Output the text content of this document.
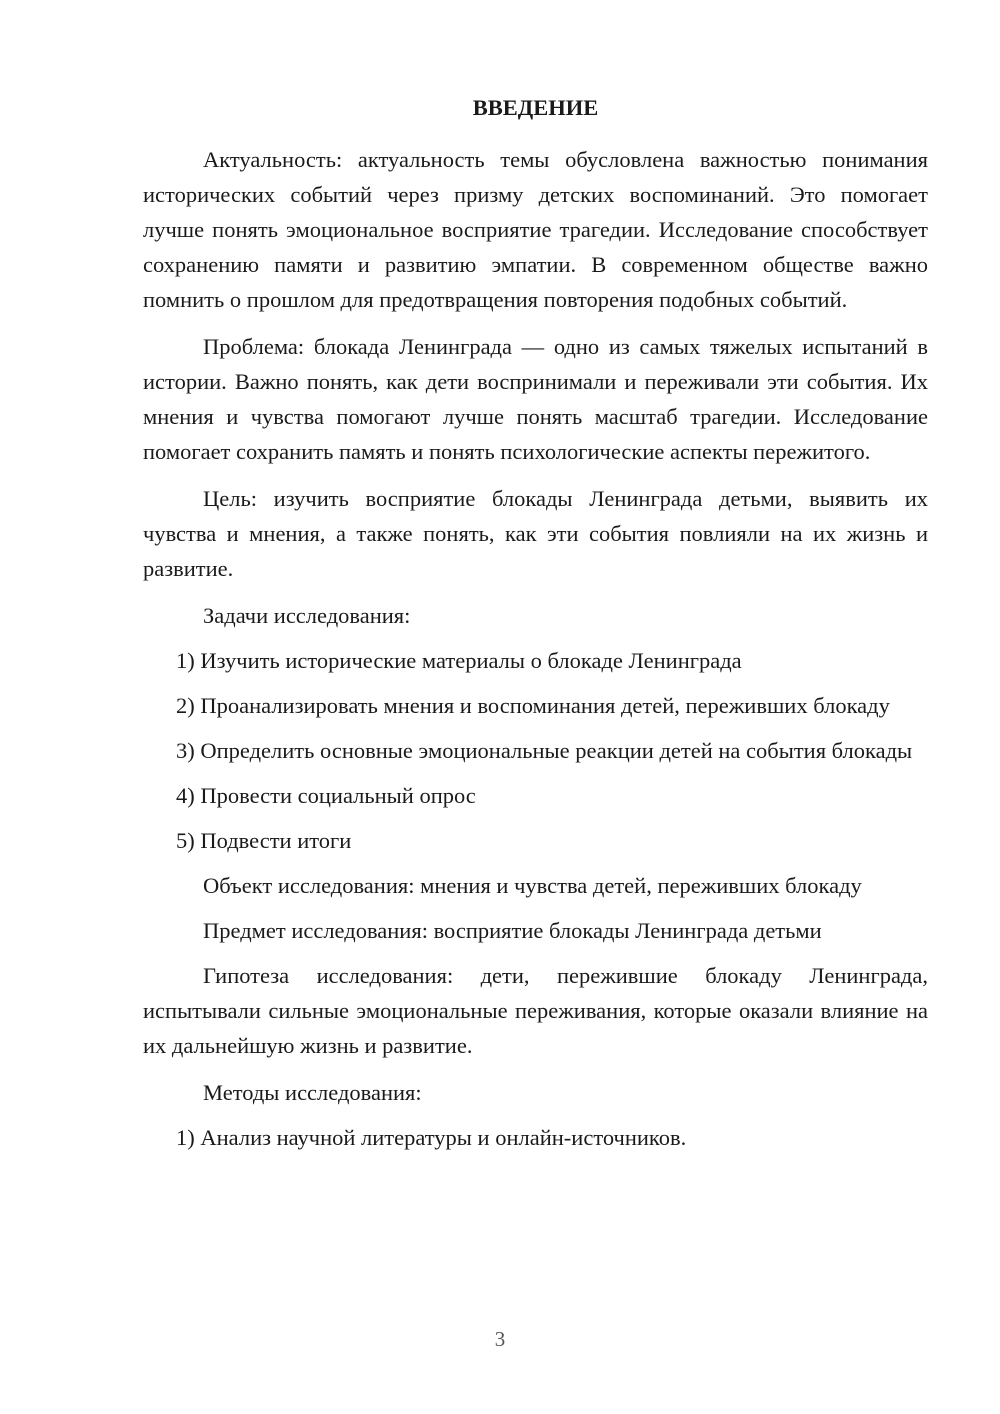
ВВЕДЕНИЕ

Актуальность: актуальность темы обусловлена важностью понимания исторических событий через призму детских воспоминаний. Это помогает лучше понять эмоциональное восприятие трагедии. Исследование способствует сохранению памяти и развитию эмпатии. В современном обществе важно помнить о прошлом для предотвращения повторения подобных событий.

Проблема: блокада Ленинграда — одно из самых тяжелых испытаний в истории. Важно понять, как дети воспринимали и переживали эти события. Их мнения и чувства помогают лучше понять масштаб трагедии. Исследование помогает сохранить память и понять психологические аспекты пережитого.

Цель: изучить восприятие блокады Ленинграда детьми, выявить их чувства и мнения, а также понять, как эти события повлияли на их жизнь и развитие.

Задачи исследования:

1) Изучить исторические материалы о блокаде Ленинграда

2) Проанализировать мнения и воспоминания детей, переживших блокаду

3) Определить основные эмоциональные реакции детей на события блокады

4) Провести социальный опрос

5) Подвести итоги

Объект исследования: мнения и чувства детей, переживших блокаду

Предмет исследования: восприятие блокады Ленинграда детьми

Гипотеза исследования: дети, пережившие блокаду Ленинграда, испытывали сильные эмоциональные переживания, которые оказали влияние на их дальнейшую жизнь и развитие.

Методы исследования:

1) Анализ научной литературы и онлайн-источников.

3
